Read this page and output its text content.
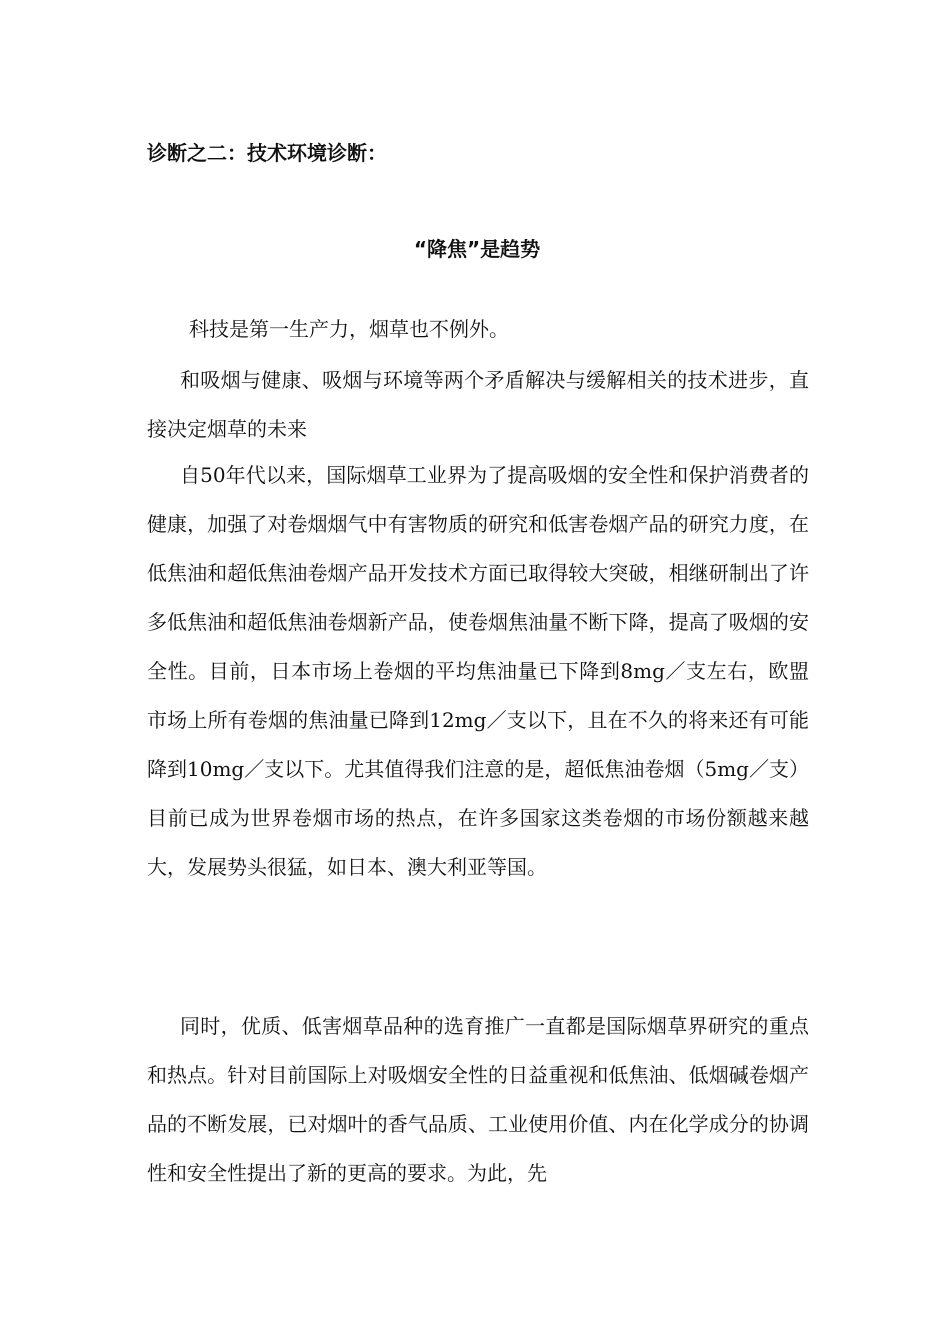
诊断之二：技术环境诊断：
“降焦”是趋势

科技是第一生产力，烟草也不例外。

和吸烟与健康、吸烟与环境等两个矛盾解决与缓解相关的技术进步，直接决定烟草的未来

自50年代以来，国际烟草工业界为了提高吸烟的安全性和保护消费者的健康，加强了对卷烟烟气中有害物质的研究和低害卷烟产品的研究力度，在低焦油和超低焦油卷烟产品开发技术方面已取得较大突破，相继研制出了许多低焦油和超低焦油卷烟新产品，使卷烟焦油量不断下降，提高了吸烟的安全性。目前，日本市场上卷烟的平均焦油量已下降到8mg／支左右，欧盟市场上所有卷烟的焦油量已降到12mg／支以下，且在不久的将来还有可能降到10mg／支以下。尤其值得我们注意的是，超低焦油卷烟（5mg／支）目前已成为世界卷烟市场的热点，在许多国家这类卷烟的市场份额越来越大，发展势头很猛，如日本、澳大利亚等国。

同时，优质、低害烟草品种的选育推广一直都是国际烟草界研究的重点和热点。针对目前国际上对吸烟安全性的日益重视和低焦油、低烟碱卷烟产品的不断发展，已对烟叶的香气品质、工业使用价值、内在化学成分的协调性和安全性提出了新的更高的要求。为此，先
